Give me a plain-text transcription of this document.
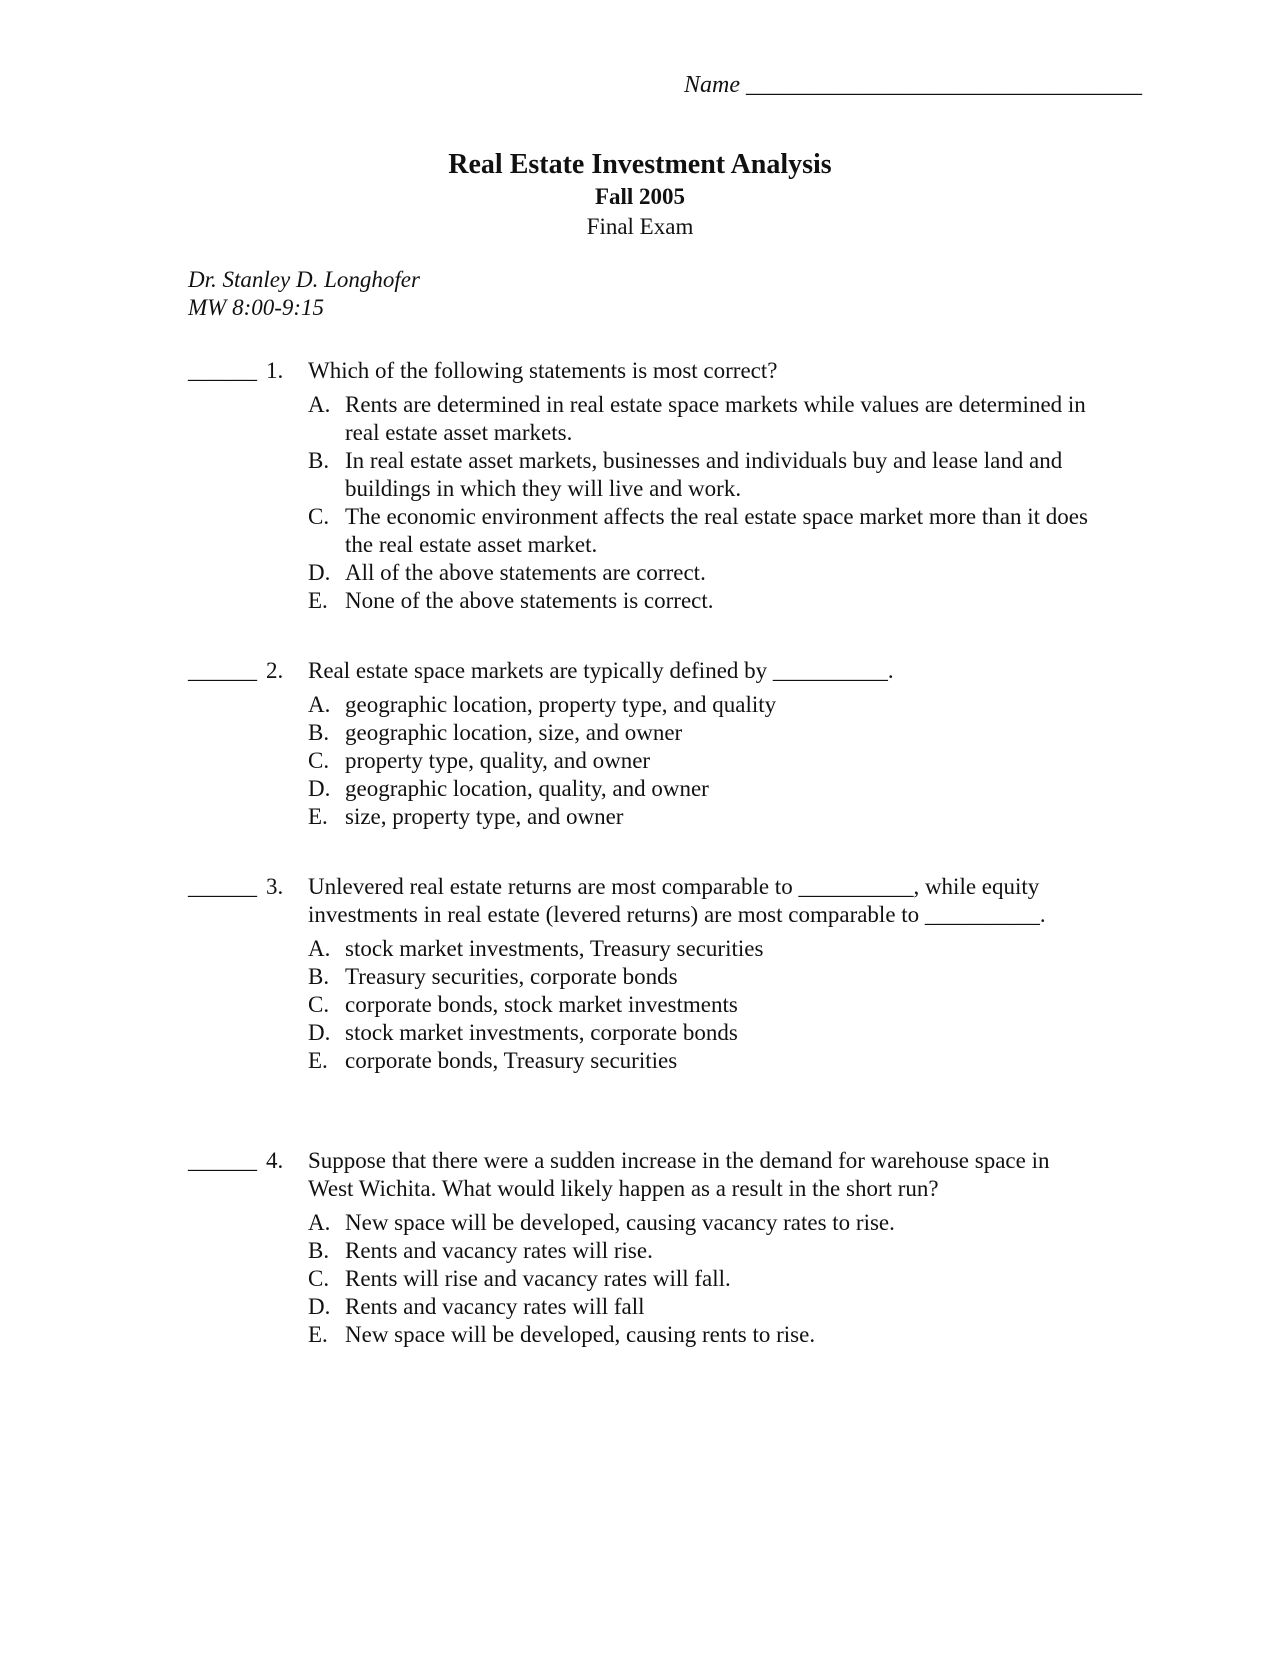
Name _________________________________
Real Estate Investment Analysis
Fall 2005
Final Exam
Dr. Stanley D. Longhofer
MW 8:00-9:15
______ 1. Which of the following statements is most correct?
A. Rents are determined in real estate space markets while values are determined in real estate asset markets.
B. In real estate asset markets, businesses and individuals buy and lease land and buildings in which they will live and work.
C. The economic environment affects the real estate space market more than it does the real estate asset market.
D. All of the above statements are correct.
E. None of the above statements is correct.
______ 2. Real estate space markets are typically defined by __________.
A. geographic location, property type, and quality
B. geographic location, size, and owner
C. property type, quality, and owner
D. geographic location, quality, and owner
E. size, property type, and owner
______ 3. Unlevered real estate returns are most comparable to __________, while equity investments in real estate (levered returns) are most comparable to __________.
A. stock market investments, Treasury securities
B. Treasury securities, corporate bonds
C. corporate bonds, stock market investments
D. stock market investments, corporate bonds
E. corporate bonds, Treasury securities
______ 4. Suppose that there were a sudden increase in the demand for warehouse space in West Wichita. What would likely happen as a result in the short run?
A. New space will be developed, causing vacancy rates to rise.
B. Rents and vacancy rates will rise.
C. Rents will rise and vacancy rates will fall.
D. Rents and vacancy rates will fall
E. New space will be developed, causing rents to rise.
